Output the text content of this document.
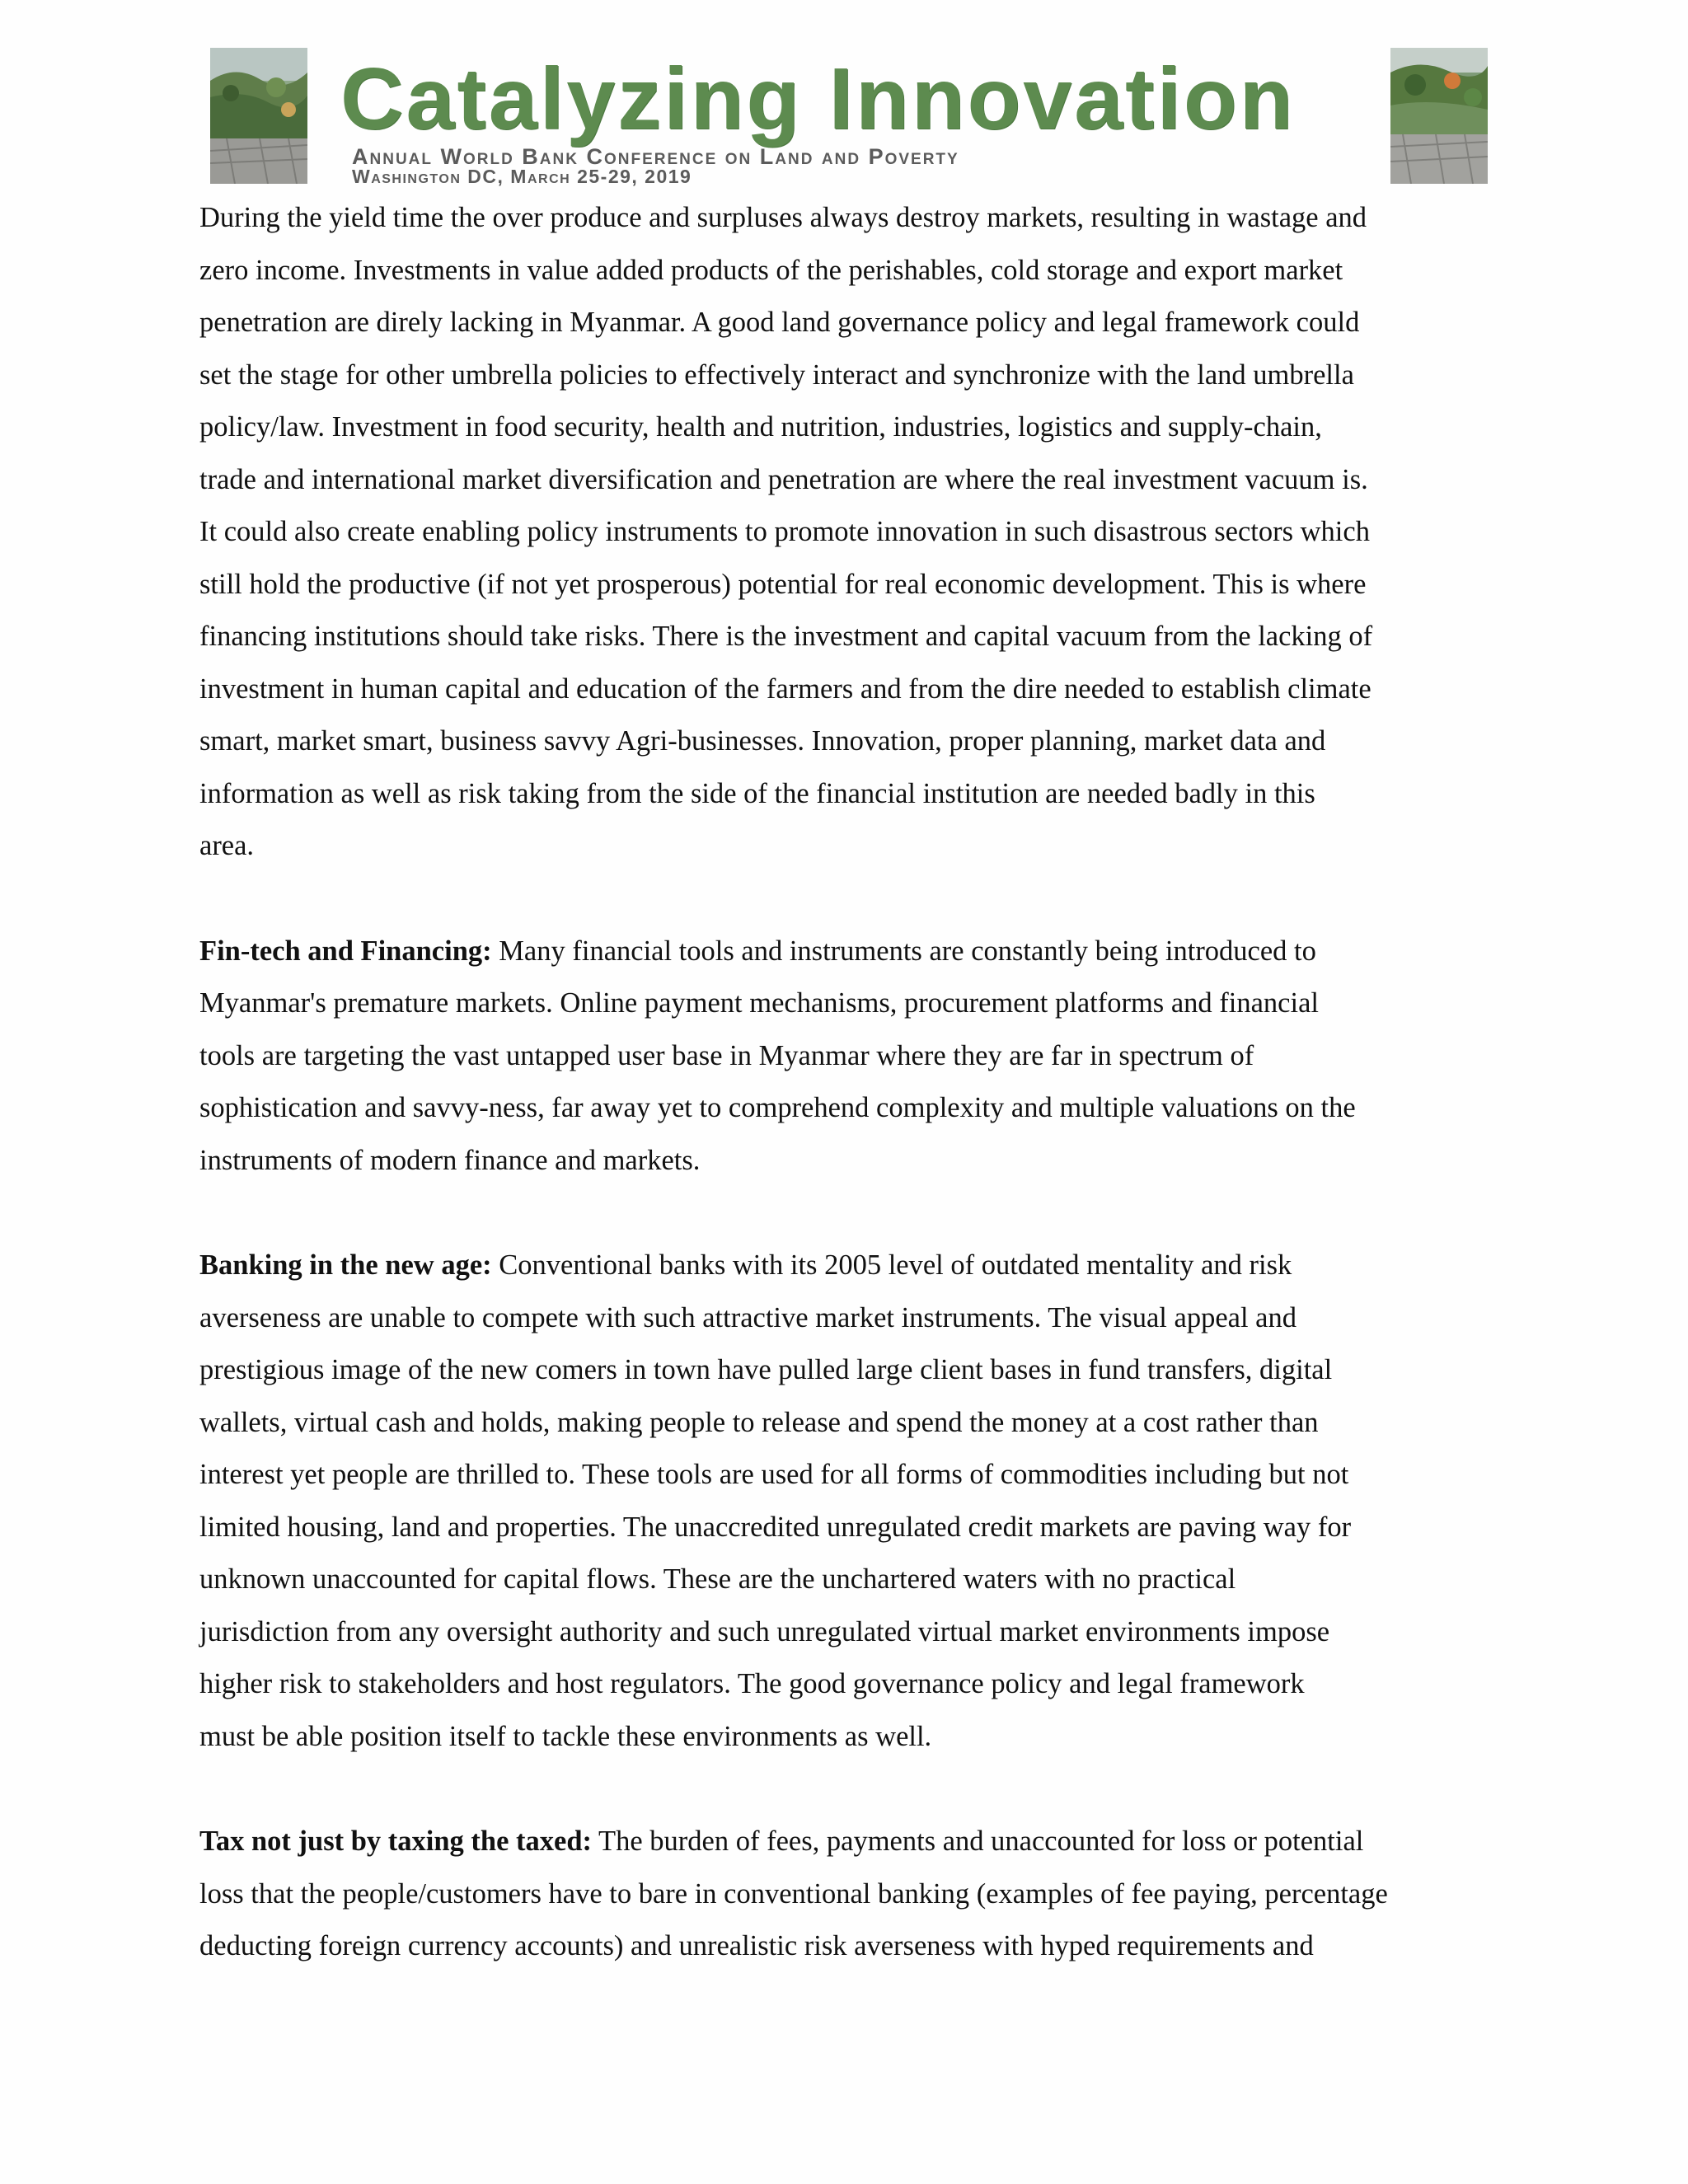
Catalyzing Innovation
Annual World Bank Conference on Land and Poverty
Washington DC, March 25-29, 2019
During the yield time the over produce and surpluses always destroy markets, resulting in wastage and
zero income. Investments in value added products of the perishables, cold storage and export market
penetration are direly lacking in Myanmar. A good land governance policy and legal framework could
set the stage for other umbrella policies to effectively interact and synchronize with the land umbrella
policy/law. Investment in food security, health and nutrition, industries, logistics and supply-chain,
trade and international market diversification and penetration are where the real investment vacuum is.
It could also create enabling policy instruments to promote innovation in such disastrous sectors which
still hold the productive (if not yet prosperous) potential for real economic development. This is where
financing institutions should take risks. There is the investment and capital vacuum from the lacking of
investment in human capital and education of the farmers and from the dire needed to establish climate
smart, market smart, business savvy Agri-businesses. Innovation, proper planning, market data and
information as well as risk taking from the side of the financial institution are needed badly in this
area.
Fin-tech and Financing: Many financial tools and instruments are constantly being introduced to
Myanmar's premature markets. Online payment mechanisms, procurement platforms and financial
tools are targeting the vast untapped user base in Myanmar where they are far in spectrum of
sophistication and savvy-ness, far away yet to comprehend complexity and multiple valuations on the
instruments of modern finance and markets.
Banking in the new age: Conventional banks with its 2005 level of outdated mentality and risk
averseness are unable to compete with such attractive market instruments. The visual appeal and
prestigious image of the new comers in town have pulled large client bases in fund transfers, digital
wallets, virtual cash and holds, making people to release and spend the money at a cost rather than
interest yet people are thrilled to. These tools are used for all forms of commodities including but not
limited housing, land and properties. The unaccredited unregulated credit markets are paving way for
unknown unaccounted for capital flows. These are the unchartered waters with no practical
jurisdiction from any oversight authority and such unregulated virtual market environments impose
higher risk to stakeholders and host regulators. The good governance policy and legal framework
must be able position itself to tackle these environments as well.
Tax not just by taxing the taxed: The burden of fees, payments and unaccounted for loss or potential
loss that the people/customers have to bare in conventional banking (examples of fee paying, percentage
deducting foreign currency accounts) and unrealistic risk averseness with hyped requirements and
